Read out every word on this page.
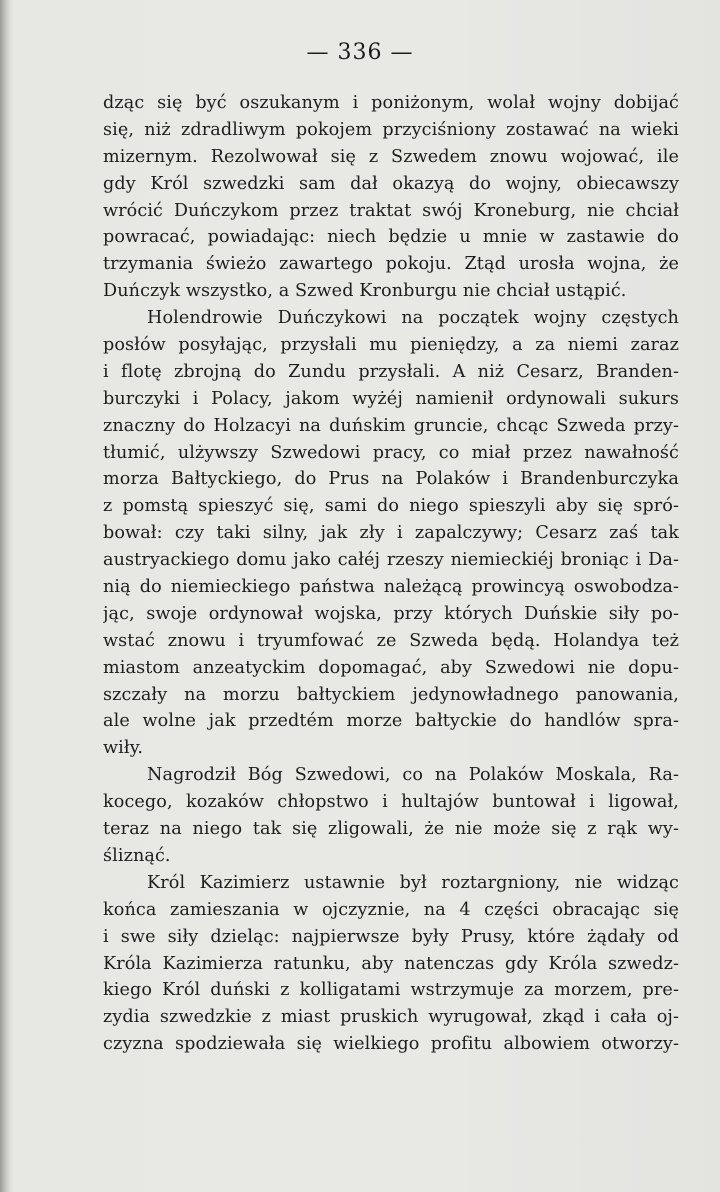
— 336 —
dząc się być oszukanym i poniżonym, wolał wojny dobijać
się, niż zdradliwym pokojem przyciśniony zostawać na wieki
mizernym. Rezolwował się z Szwedem znowu wojować, ile
gdy Król szwedzki sam dał okazyą do wojny, obiecawszy
wrócić Duńczykom przez traktat swój Kroneburg, nie chciał
powracać, powiadając: niech będzie u mnie w zastawie do
trzymania świeżo zawartego pokoju. Ztąd urosła wojna, że
Duńczyk wszystko, a Szwed Kronburgu nie chciał ustąpić.
Holendrowie Duńczykowi na początek wojny częstych
posłów posyłając, przysłali mu pieniędzy, a za niemi zaraz
i flotę zbrojną do Zundu przysłali. A niż Cesarz, Branden-
burczyki i Polacy, jakom wyżéj namienił ordynowali sukurs
znaczny do Holzacyi na duńskim gruncie, chcąc Szweda przy-
tłumić, ulżywszy Szwedowi pracy, co miał przez nawałność
morza Bałtyckiego, do Prus na Polaków i Brandenburczyka
z pomstą spieszyć się, sami do niego spieszyli aby się spró-
bował: czy taki silny, jak zły i zapalczywy; Cesarz zaś tak
austryackiego domu jako całéj rzeszy niemieckiéj broniąc i Da-
nią do niemieckiego państwa należącą prowincyą oswobodza-
jąc, swoje ordynował wojska, przy których Duńskie siły po-
wstać znowu i tryumfować ze Szweda będą. Holandya też
miastom anzeatyckim dopomagać, aby Szwedowi nie dopu-
szczały na morzu bałtyckiem jedynowładnego panowania,
ale wolne jak przedtém morze bałtyckie do handlów spra-
wiły.
Nagrodził Bóg Szwedowi, co na Polaków Moskala, Ra-
kocego, kozaków chłopstwo i hultajów buntował i ligował,
teraz na niego tak się zligowali, że nie może się z rąk wy-
śliznąć.
Król Kazimierz ustawnie był roztargniony, nie widząc
końca zamieszania w ojczyznie, na 4 części obracając się
i swe siły dzieląc: najpierwsze były Prusy, które żądały od
Króla Kazimierza ratunku, aby natenczas gdy Króla szwedz-
kiego Król duński z kolligatami wstrzymuje za morzem, pre-
zydia szwedzkie z miast pruskich wyrugował, zkąd i cała oj-
czyzna spodziewała się wielkiego profitu albowiem otworzy-
